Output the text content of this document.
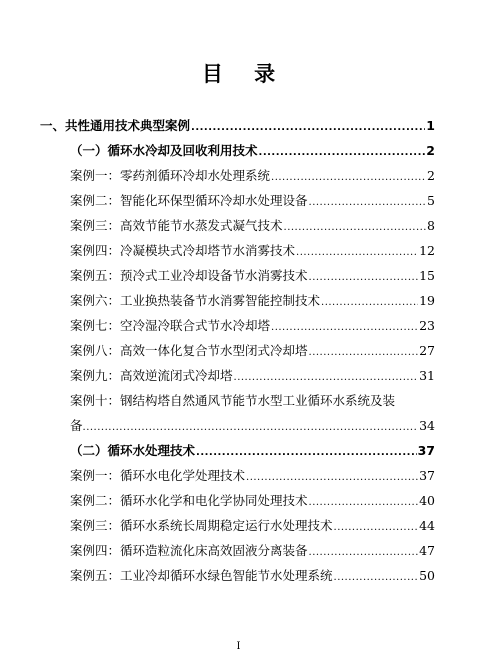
目 录
一、共性通用技术典型案例 .....	1
（一）循环水冷却及回收利用技术 .....	2
案例一：零药剂循环冷却水处理系统 .....	2
案例二：智能化环保型循环冷却水处理设备 .....	5
案例三：高效节能节水蒸发式凝气技术 .....	8
案例四：冷凝模块式冷却塔节水消雾技术 .....	12
案例五：预冷式工业冷却设备节水消雾技术 .....	15
案例六：工业换热装备节水消雾智能控制技术 .....	19
案例七：空冷湿冷联合式节水冷却塔 .....	23
案例八：高效一体化复合节水型闭式冷却塔 .....	27
案例九：高效逆流闭式冷却塔 .....	31
案例十：钢结构塔自然通风节能节水型工业循环水系统及装
备 .....	34
（二）循环水处理技术 .....	37
案例一：循环水电化学处理技术 .....	37
案例二：循环水化学和电化学协同处理技术 .....	40
案例三：循环水系统长周期稳定运行水处理技术 .....	44
案例四：循环造粒流化床高效固液分离装备 .....	47
案例五：工业冷却循环水绿色智能节水处理系统 .....	50
I
